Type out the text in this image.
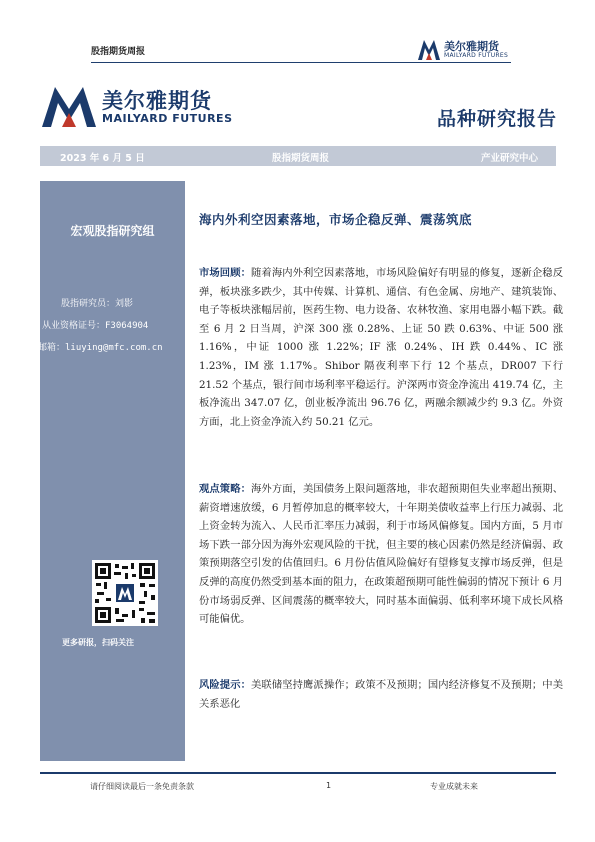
股指期货周报	美尔雅期货
MAILYARD FUTURES
美尔雅期货
MAILYARD FUTURES	品种研究报告
2023 年 6 月 5 日	股指期货周报	产业研究中心
宏观股指研究组
股指研究员：刘影
从业资格证号：F3064904
邮箱：liuying@mfc.com.cn
更多研报，扫码关注
海内外利空因素落地，市场企稳反弹、震荡筑底
市场回顾：随着海内外利空因素落地，市场风险偏好有明显的修复，逐新企稳反弹，板块涨多跌少，其中传媒、计算机、通信、有色金属、房地产、建筑装饰、电子等板块涨幅居前，医药生物、电力设备、农林牧渔、家用电器小幅下跌。截至 6 月 2 日当周，沪深 300 涨 0.28%、上证 50 跌 0.63%、中证 500 涨 1.16%，中证 1000 涨 1.22%；IF 涨 0.24%、IH 跌 0.44%、IC 涨 1.23%，IM 涨 1.17%。Shibor 隔夜利率下行 12 个基点，DR007 下行 21.52 个基点，银行间市场利率平稳运行。沪深两市资金净流出 419.74 亿，主板净流出 347.07 亿，创业板净流出 96.76 亿，两融余额减少约 9.3 亿。外资方面，北上资金净流入约 50.21 亿元。
观点策略：海外方面，美国债务上限问题落地，非农超预期但失业率超出预期、薪资增速放缓，6 月暂停加息的概率较大，十年期美债收益率上行压力减弱、北上资金转为流入、人民币汇率压力减弱，利于市场风偏修复。国内方面，5 月市场下跌一部分因为海外宏观风险的干扰，但主要的核心因素仍然是经济偏弱、政策预期落空引发的估值回归。6 月份估值风险偏好有望修复支撑市场反弹，但是反弹的高度仍然受到基本面的阻力，在政策超预期可能性偏弱的情况下预计 6 月份市场弱反弹、区间震荡的概率较大，同时基本面偏弱、低利率环境下成长风格可能偏优。
风险提示：美联储坚持鹰派操作；政策不及预期；国内经济修复不及预期；中美关系恶化
请仔细阅读最后一条免责条款	1	专业成就未来
